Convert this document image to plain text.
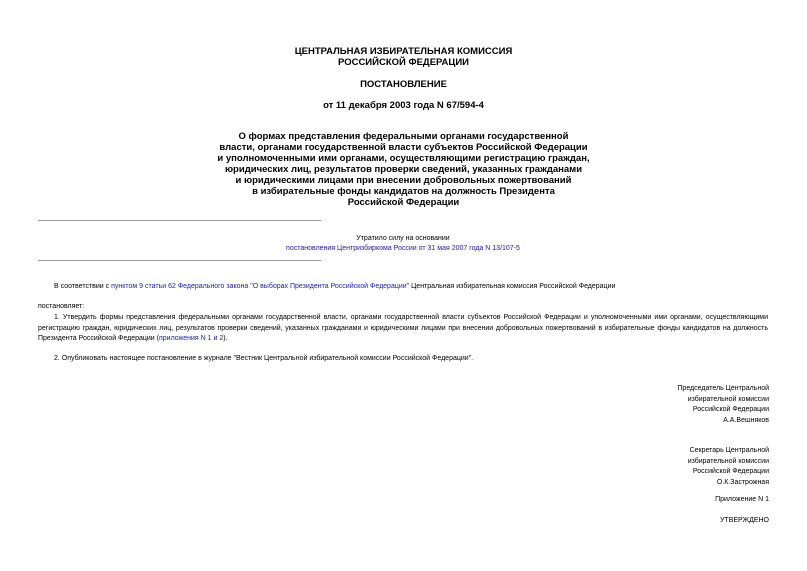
ЦЕНТРАЛЬНАЯ ИЗБИРАТЕЛЬНАЯ КОМИССИЯ
РОССИЙСКОЙ ФЕДЕРАЦИИ
ПОСТАНОВЛЕНИЕ
от 11 декабря 2003 года N 67/594-4
О формах представления федеральными органами государственной
власти, органами государственной власти субъектов Российской Федерации
и уполномоченными ими органами, осуществляющими регистрацию граждан,
юридических лиц, результатов проверки сведений, указанных гражданами
и юридическими лицами при внесении добровольных пожертвований
в избирательные фонды кандидатов на должность Президента
Российской Федерации
Утратило силу на основании
постановления Центризбиркома России от 31 мая 2007 года N 13/107-5
В соответствии с пунктом 9 статьи 62 Федерального закона "О выборах Президента Российской Федерации" Центральная избирательная комиссия Российской Федерации
постановляет:
1. Утвердить формы представления федеральными органами государственной власти, органами государственной власти субъектов Российской Федерации и уполномоченными ими органами, осуществляющими регистрацию граждан, юридических лиц, результатов проверки сведений, указанных гражданами и юридическими лицами при внесении добровольных пожертвований в избирательные фонды кандидатов на должность Президента Российской Федерации (приложения N 1 и 2).
2. Опубликовать настоящее постановление в журнале "Вестник Центральной избирательной комиссии Российской Федерации".
Председатель Центральной
избирательной комиссии
Российской Федерации
А.А.Вешняков
Секретарь Центральной
избирательной комиссии
Российской Федерации
О.К.Застрожная
Приложение N 1
УТВЕРЖДЕНО
